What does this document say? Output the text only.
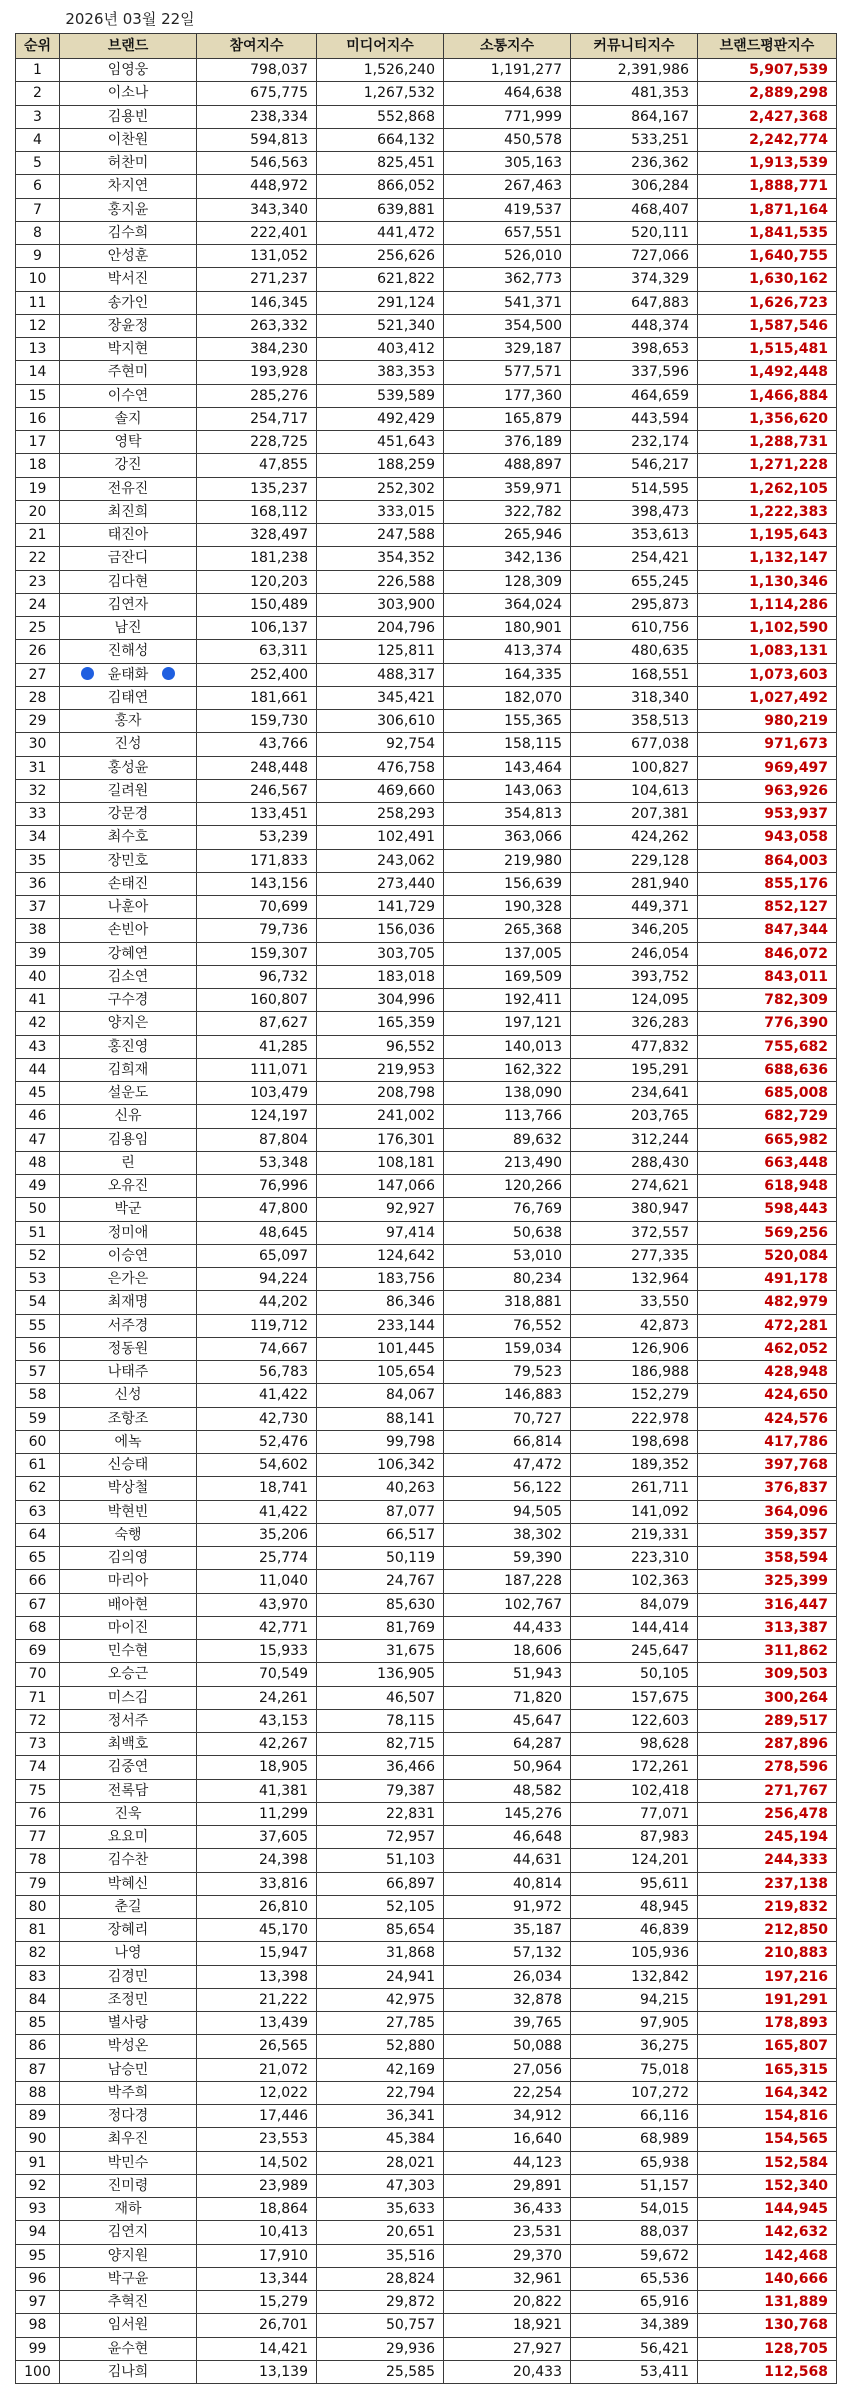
2026년 03월 22일
순위	브랜드	참여지수	미디어지수	소통지수	커뮤니티지수	브랜드평판지수
1	임영웅	798,037	1,526,240	1,191,277	2,391,986	5,907,539
2	이소나	675,775	1,267,532	464,638	481,353	2,889,298
3	김용빈	238,334	552,868	771,999	864,167	2,427,368
4	이찬원	594,813	664,132	450,578	533,251	2,242,774
5	허찬미	546,563	825,451	305,163	236,362	1,913,539
6	차지연	448,972	866,052	267,463	306,284	1,888,771
7	홍지윤	343,340	639,881	419,537	468,407	1,871,164
8	김수희	222,401	441,472	657,551	520,111	1,841,535
9	안성훈	131,052	256,626	526,010	727,066	1,640,755
10	박서진	271,237	621,822	362,773	374,329	1,630,162
11	송가인	146,345	291,124	541,371	647,883	1,626,723
12	장윤정	263,332	521,340	354,500	448,374	1,587,546
13	박지현	384,230	403,412	329,187	398,653	1,515,481
14	주현미	193,928	383,353	577,571	337,596	1,492,448
15	이수연	285,276	539,589	177,360	464,659	1,466,884
16	솔지	254,717	492,429	165,879	443,594	1,356,620
17	영탁	228,725	451,643	376,189	232,174	1,288,731
18	강진	47,855	188,259	488,897	546,217	1,271,228
19	전유진	135,237	252,302	359,971	514,595	1,262,105
20	최진희	168,112	333,015	322,782	398,473	1,222,383
21	태진아	328,497	247,588	265,946	353,613	1,195,643
22	금잔디	181,238	354,352	342,136	254,421	1,132,147
23	김다현	120,203	226,588	128,309	655,245	1,130,346
24	김연자	150,489	303,900	364,024	295,873	1,114,286
25	남진	106,137	204,796	180,901	610,756	1,102,590
26	진해성	63,311	125,811	413,374	480,635	1,083,131
27	윤태화	252,400	488,317	164,335	168,551	1,073,603
28	김태연	181,661	345,421	182,070	318,340	1,027,492
29	홍자	159,730	306,610	155,365	358,513	980,219
30	진성	43,766	92,754	158,115	677,038	971,673
31	홍성윤	248,448	476,758	143,464	100,827	969,497
32	길려원	246,567	469,660	143,063	104,613	963,926
33	강문경	133,451	258,293	354,813	207,381	953,937
34	최수호	53,239	102,491	363,066	424,262	943,058
35	장민호	171,833	243,062	219,980	229,128	864,003
36	손태진	143,156	273,440	156,639	281,940	855,176
37	나훈아	70,699	141,729	190,328	449,371	852,127
38	손빈아	79,736	156,036	265,368	346,205	847,344
39	강혜연	159,307	303,705	137,005	246,054	846,072
40	김소연	96,732	183,018	169,509	393,752	843,011
41	구수경	160,807	304,996	192,411	124,095	782,309
42	양지은	87,627	165,359	197,121	326,283	776,390
43	홍진영	41,285	96,552	140,013	477,832	755,682
44	김희재	111,071	219,953	162,322	195,291	688,636
45	설운도	103,479	208,798	138,090	234,641	685,008
46	신유	124,197	241,002	113,766	203,765	682,729
47	김용임	87,804	176,301	89,632	312,244	665,982
48	린	53,348	108,181	213,490	288,430	663,448
49	오유진	76,996	147,066	120,266	274,621	618,948
50	박군	47,800	92,927	76,769	380,947	598,443
51	정미애	48,645	97,414	50,638	372,557	569,256
52	이승연	65,097	124,642	53,010	277,335	520,084
53	은가은	94,224	183,756	80,234	132,964	491,178
54	최재명	44,202	86,346	318,881	33,550	482,979
55	서주경	119,712	233,144	76,552	42,873	472,281
56	정동원	74,667	101,445	159,034	126,906	462,052
57	나태주	56,783	105,654	79,523	186,988	428,948
58	신성	41,422	84,067	146,883	152,279	424,650
59	조항조	42,730	88,141	70,727	222,978	424,576
60	에녹	52,476	99,798	66,814	198,698	417,786
61	신승태	54,602	106,342	47,472	189,352	397,768
62	박상철	18,741	40,263	56,122	261,711	376,837
63	박현빈	41,422	87,077	94,505	141,092	364,096
64	숙행	35,206	66,517	38,302	219,331	359,357
65	김의영	25,774	50,119	59,390	223,310	358,594
66	마리아	11,040	24,767	187,228	102,363	325,399
67	배아현	43,970	85,630	102,767	84,079	316,447
68	마이진	42,771	81,769	44,433	144,414	313,387
69	민수현	15,933	31,675	18,606	245,647	311,862
70	오승근	70,549	136,905	51,943	50,105	309,503
71	미스김	24,261	46,507	71,820	157,675	300,264
72	정서주	43,153	78,115	45,647	122,603	289,517
73	최백호	42,267	82,715	64,287	98,628	287,896
74	김중연	18,905	36,466	50,964	172,261	278,596
75	전록담	41,381	79,387	48,582	102,418	271,767
76	진욱	11,299	22,831	145,276	77,071	256,478
77	요요미	37,605	72,957	46,648	87,983	245,194
78	김수찬	24,398	51,103	44,631	124,201	244,333
79	박혜신	33,816	66,897	40,814	95,611	237,138
80	춘길	26,810	52,105	91,972	48,945	219,832
81	장혜리	45,170	85,654	35,187	46,839	212,850
82	나영	15,947	31,868	57,132	105,936	210,883
83	김경민	13,398	24,941	26,034	132,842	197,216
84	조정민	21,222	42,975	32,878	94,215	191,291
85	별사랑	13,439	27,785	39,765	97,905	178,893
86	박성온	26,565	52,880	50,088	36,275	165,807
87	남승민	21,072	42,169	27,056	75,018	165,315
88	박주희	12,022	22,794	22,254	107,272	164,342
89	정다경	17,446	36,341	34,912	66,116	154,816
90	최우진	23,553	45,384	16,640	68,989	154,565
91	박민수	14,502	28,021	44,123	65,938	152,584
92	진미령	23,989	47,303	29,891	51,157	152,340
93	재하	18,864	35,633	36,433	54,015	144,945
94	김연지	10,413	20,651	23,531	88,037	142,632
95	양지원	17,910	35,516	29,370	59,672	142,468
96	박구윤	13,344	28,824	32,961	65,536	140,666
97	추혁진	15,279	29,872	20,822	65,916	131,889
98	임서원	26,701	50,757	18,921	34,389	130,768
99	윤수현	14,421	29,936	27,927	56,421	128,705
100	김나희	13,139	25,585	20,433	53,411	112,568
